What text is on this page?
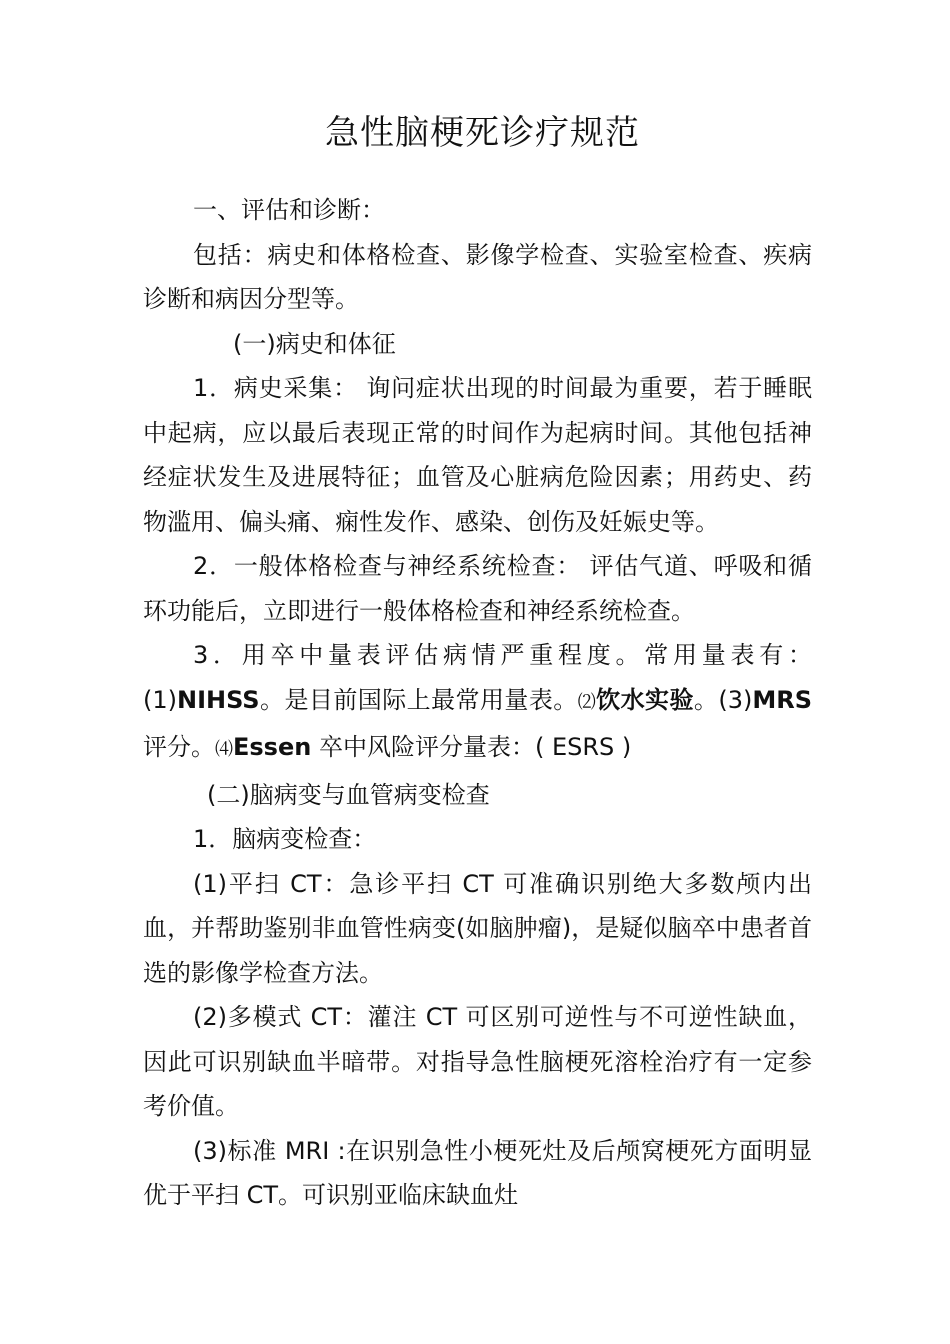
急性脑梗死诊疗规范

一、评估和诊断：

包括：病史和体格检查、影像学检查、实验室检查、疾病诊断和病因分型等。

(一)病史和体征

1．病史采集： 询问症状出现的时间最为重要，若于睡眠中起病，应以最后表现正常的时间作为起病时间。其他包括神经症状发生及进展特征；血管及心脏病危险因素；用药史、药物滥用、偏头痛、痫性发作、感染、创伤及妊娠史等。

2．一般体格检查与神经系统检查： 评估气道、呼吸和循环功能后，立即进行一般体格检查和神经系统检查。

3．用卒中量表评估病情严重程度。常用量表有：(1)NIHSS。是目前国际上最常用量表。⑵饮水实验。(3)MRS评分。⑷Essen 卒中风险评分量表：( ESRS )

(二)脑病变与血管病变检查

1．脑病变检查：

(1)平扫 CT：急诊平扫 CT 可准确识别绝大多数颅内出血，并帮助鉴别非血管性病变(如脑肿瘤)，是疑似脑卒中患者首选的影像学检查方法。

(2)多模式 CT：灌注 CT 可区别可逆性与不可逆性缺血，因此可识别缺血半暗带。对指导急性脑梗死溶栓治疗有一定参考价值。

(3)标准 MRI :在识别急性小梗死灶及后颅窝梗死方面明显优于平扫 CT。可识别亚临床缺血灶
